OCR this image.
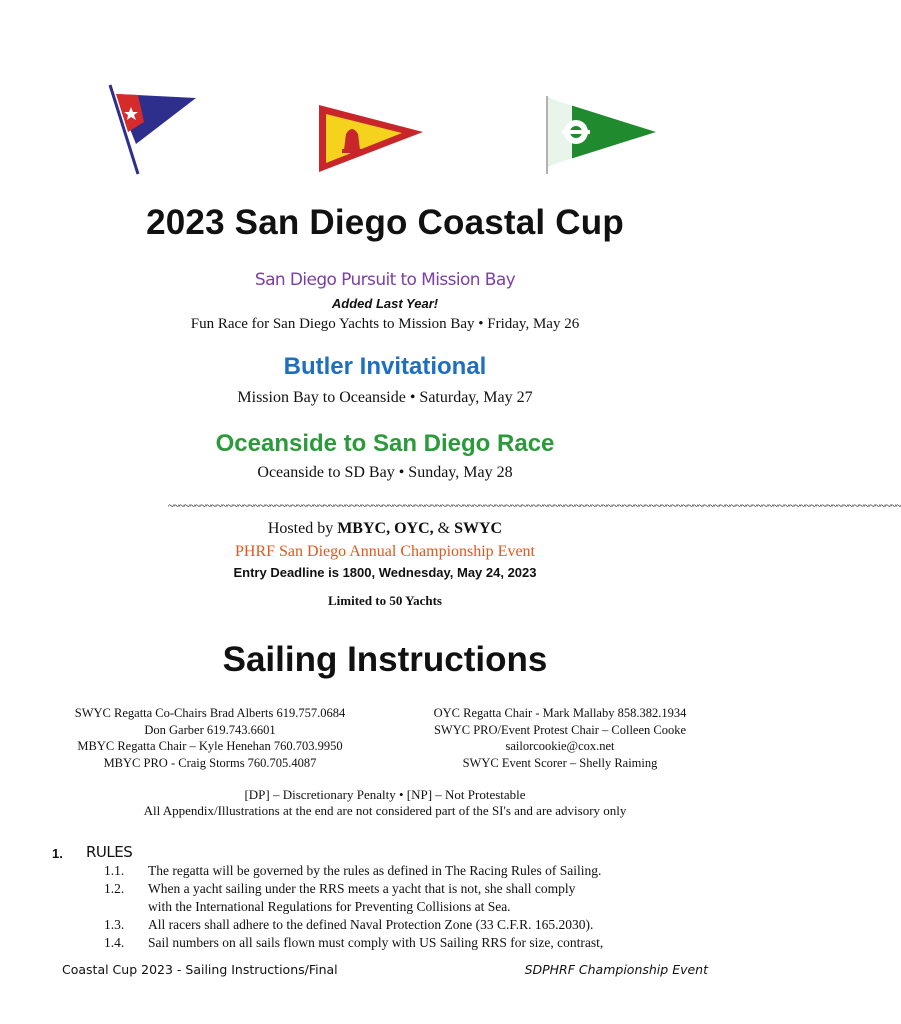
2023 San Diego Coastal Cup
San Diego Pursuit to Mission Bay
Added Last Year!
Fun Race for San Diego Yachts to Mission Bay • Friday, May 26
Butler Invitational
Mission Bay to Oceanside • Saturday, May 27
Oceanside to San Diego Race
Oceanside to SD Bay • Sunday, May 28
~~~~~~~~~~~~~~~~~~~~~~~~~~~~~~~~~~~~~~~~~~~~~~~~~~~~~~~~~~~~~~~~~~~~~~~~~~~~~~~~~~~~~~~~~~~~~~~~~~~~~~~~~~~~~~~~~~~~~~~~~~~~~~~~~~~~~~~~~
Hosted by MBYC, OYC, & SWYC
PHRF San Diego Annual Championship Event
Entry Deadline is 1800, Wednesday, May 24, 2023
Limited to 50 Yachts
Sailing Instructions
SWYC Regatta Co-Chairs Brad Alberts 619.757.0684
Don Garber 619.743.6601
MBYC Regatta Chair – Kyle Henehan 760.703.9950
MBYC PRO - Craig Storms 760.705.4087
OYC Regatta Chair - Mark Mallaby 858.382.1934
SWYC PRO/Event Protest Chair – Colleen Cooke
sailorcookie@cox.net
SWYC Event Scorer – Shelly Raiming
[DP] – Discretionary Penalty • [NP] – Not Protestable
All Appendix/Illustrations at the end are not considered part of the SI's and are advisory only
1. RULES
1.1. The regatta will be governed by the rules as defined in The Racing Rules of Sailing.
1.2. When a yacht sailing under the RRS meets a yacht that is not, she shall comply
with the International Regulations for Preventing Collisions at Sea.
1.3. All racers shall adhere to the defined Naval Protection Zone (33 C.F.R. 165.2030).
1.4. Sail numbers on all sails flown must comply with US Sailing RRS for size, contrast,
Coastal Cup 2023 - Sailing Instructions/Final	SDPHRF Championship Event
